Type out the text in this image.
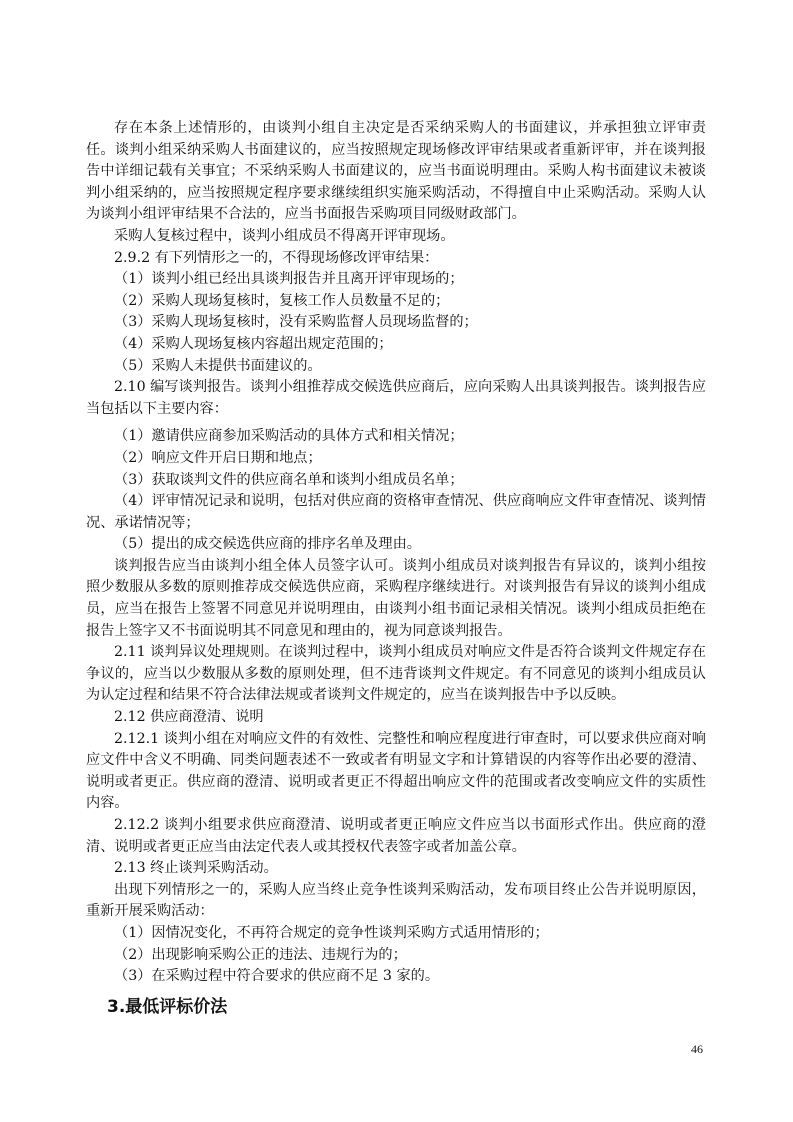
存在本条上述情形的，由谈判小组自主决定是否采纳采购人的书面建议，并承担独立评审责任。谈判小组采纳采购人书面建议的，应当按照规定现场修改评审结果或者重新评审，并在谈判报告中详细记载有关事宜；不采纳采购人书面建议的，应当书面说明理由。采购人构书面建议未被谈判小组采纳的，应当按照规定程序要求继续组织实施采购活动，不得擅自中止采购活动。采购人认为谈判小组评审结果不合法的，应当书面报告采购项目同级财政部门。

采购人复核过程中，谈判小组成员不得离开评审现场。

2.9.2 有下列情形之一的，不得现场修改评审结果：

（1）谈判小组已经出具谈判报告并且离开评审现场的；

（2）采购人现场复核时，复核工作人员数量不足的；

（3）采购人现场复核时，没有采购监督人员现场监督的；

（4）采购人现场复核内容超出规定范围的；

（5）采购人未提供书面建议的。

2.10 编写谈判报告。谈判小组推荐成交候选供应商后，应向采购人出具谈判报告。谈判报告应当包括以下主要内容：

（1）邀请供应商参加采购活动的具体方式和相关情况；

（2）响应文件开启日期和地点；

（3）获取谈判文件的供应商名单和谈判小组成员名单；

（4）评审情况记录和说明，包括对供应商的资格审查情况、供应商响应文件审查情况、谈判情况、承诺情况等；

（5）提出的成交候选供应商的排序名单及理由。

谈判报告应当由谈判小组全体人员签字认可。谈判小组成员对谈判报告有异议的，谈判小组按照少数服从多数的原则推荐成交候选供应商，采购程序继续进行。对谈判报告有异议的谈判小组成员，应当在报告上签署不同意见并说明理由，由谈判小组书面记录相关情况。谈判小组成员拒绝在报告上签字又不书面说明其不同意见和理由的，视为同意谈判报告。

2.11 谈判异议处理规则。在谈判过程中，谈判小组成员对响应文件是否符合谈判文件规定存在争议的，应当以少数服从多数的原则处理，但不违背谈判文件规定。有不同意见的谈判小组成员认为认定过程和结果不符合法律法规或者谈判文件规定的，应当在谈判报告中予以反映。

2.12 供应商澄清、说明

2.12.1 谈判小组在对响应文件的有效性、完整性和响应程度进行审查时，可以要求供应商对响应文件中含义不明确、同类问题表述不一致或者有明显文字和计算错误的内容等作出必要的澄清、说明或者更正。供应商的澄清、说明或者更正不得超出响应文件的范围或者改变响应文件的实质性内容。

2.12.2 谈判小组要求供应商澄清、说明或者更正响应文件应当以书面形式作出。供应商的澄清、说明或者更正应当由法定代表人或其授权代表签字或者加盖公章。

2.13 终止谈判采购活动。

出现下列情形之一的，采购人应当终止竞争性谈判采购活动，发布项目终止公告并说明原因，重新开展采购活动：

（1）因情况变化，不再符合规定的竞争性谈判采购方式适用情形的；

（2）出现影响采购公正的违法、违规行为的；

（3）在采购过程中符合要求的供应商不足 3 家的。

3.最低评标价法
46
